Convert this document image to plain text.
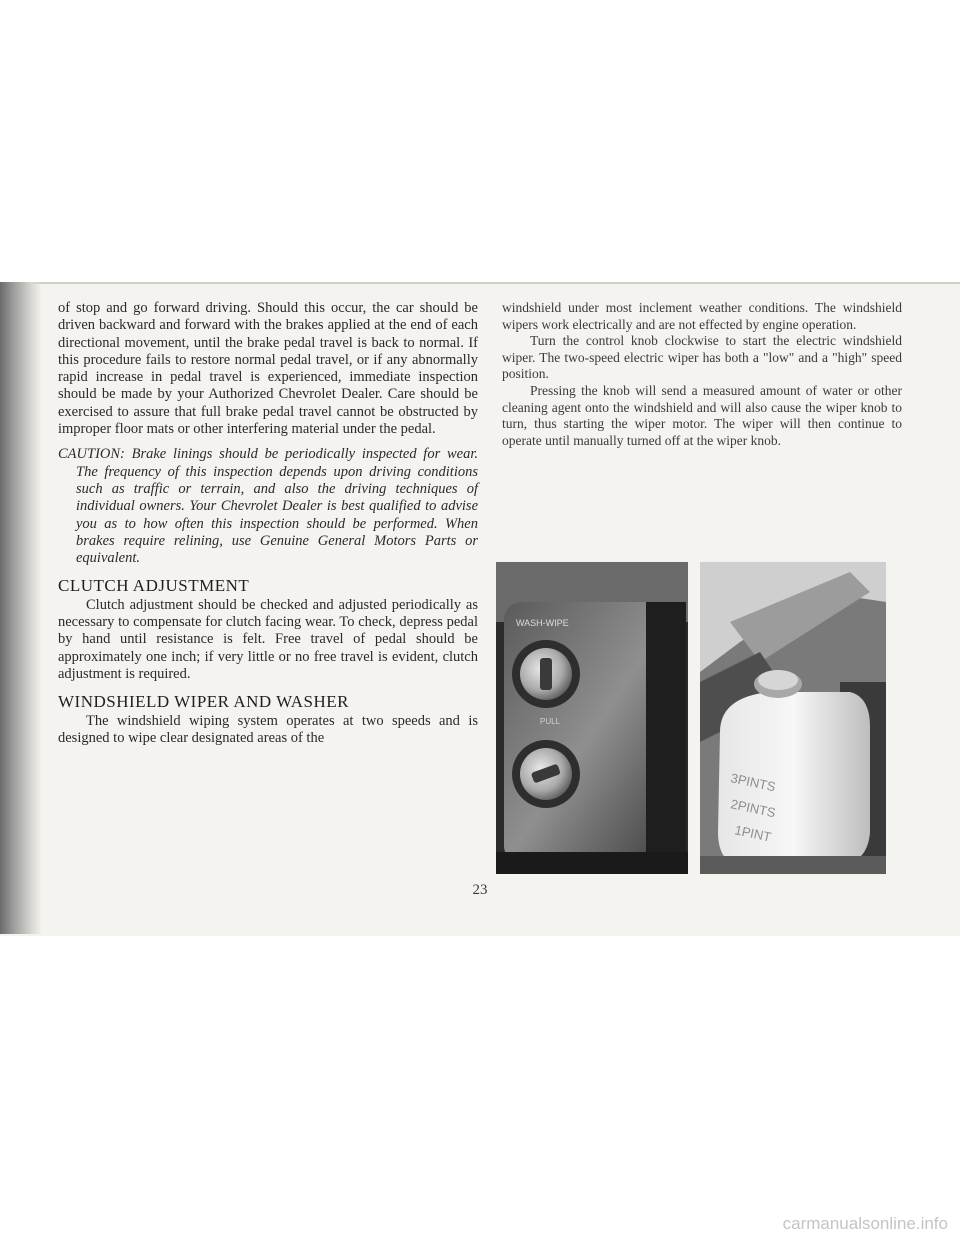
of stop and go forward driving. Should this occur, the car should be driven backward and forward with the brakes applied at the end of each directional movement, until the brake pedal travel is back to normal. If this procedure fails to restore normal pedal travel, or if any abnormally rapid increase in pedal travel is experienced, immediate inspection should be made by your Authorized Chevrolet Dealer. Care should be exercised to assure that full brake pedal travel cannot be obstructed by improper floor mats or other interfering material under the pedal.

CAUTION: Brake linings should be periodically inspected for wear. The frequency of this inspection depends upon driving conditions such as traffic or terrain, and also the driving techniques of individual owners. Your Chevrolet Dealer is best qualified to advise you as to how often this inspection should be performed. When brakes require relining, use Genuine General Motors Parts or equivalent.

CLUTCH ADJUSTMENT

Clutch adjustment should be checked and adjusted periodically as necessary to compensate for clutch facing wear. To check, depress pedal by hand until resistance is felt. Free travel of pedal should be approximately one inch; if very little or no free travel is evident, clutch adjustment is required.

WINDSHIELD WIPER AND WASHER

The windshield wiping system operates at two speeds and is designed to wipe clear designated areas of the

windshield under most inclement weather conditions. The windshield wipers work electrically and are not effected by engine operation.

Turn the control knob clockwise to start the electric windshield wiper. The two-speed electric wiper has both a "low" and a "high" speed position.

Pressing the knob will send a measured amount of water or other cleaning agent onto the windshield and will also cause the wiper knob to turn, thus starting the wiper motor. The wiper will then continue to operate until manually turned off at the wiper knob.

WASH-WIPE
PULL
3PINTS
2PINTS
1PINT
23
carmanualsonline.info
